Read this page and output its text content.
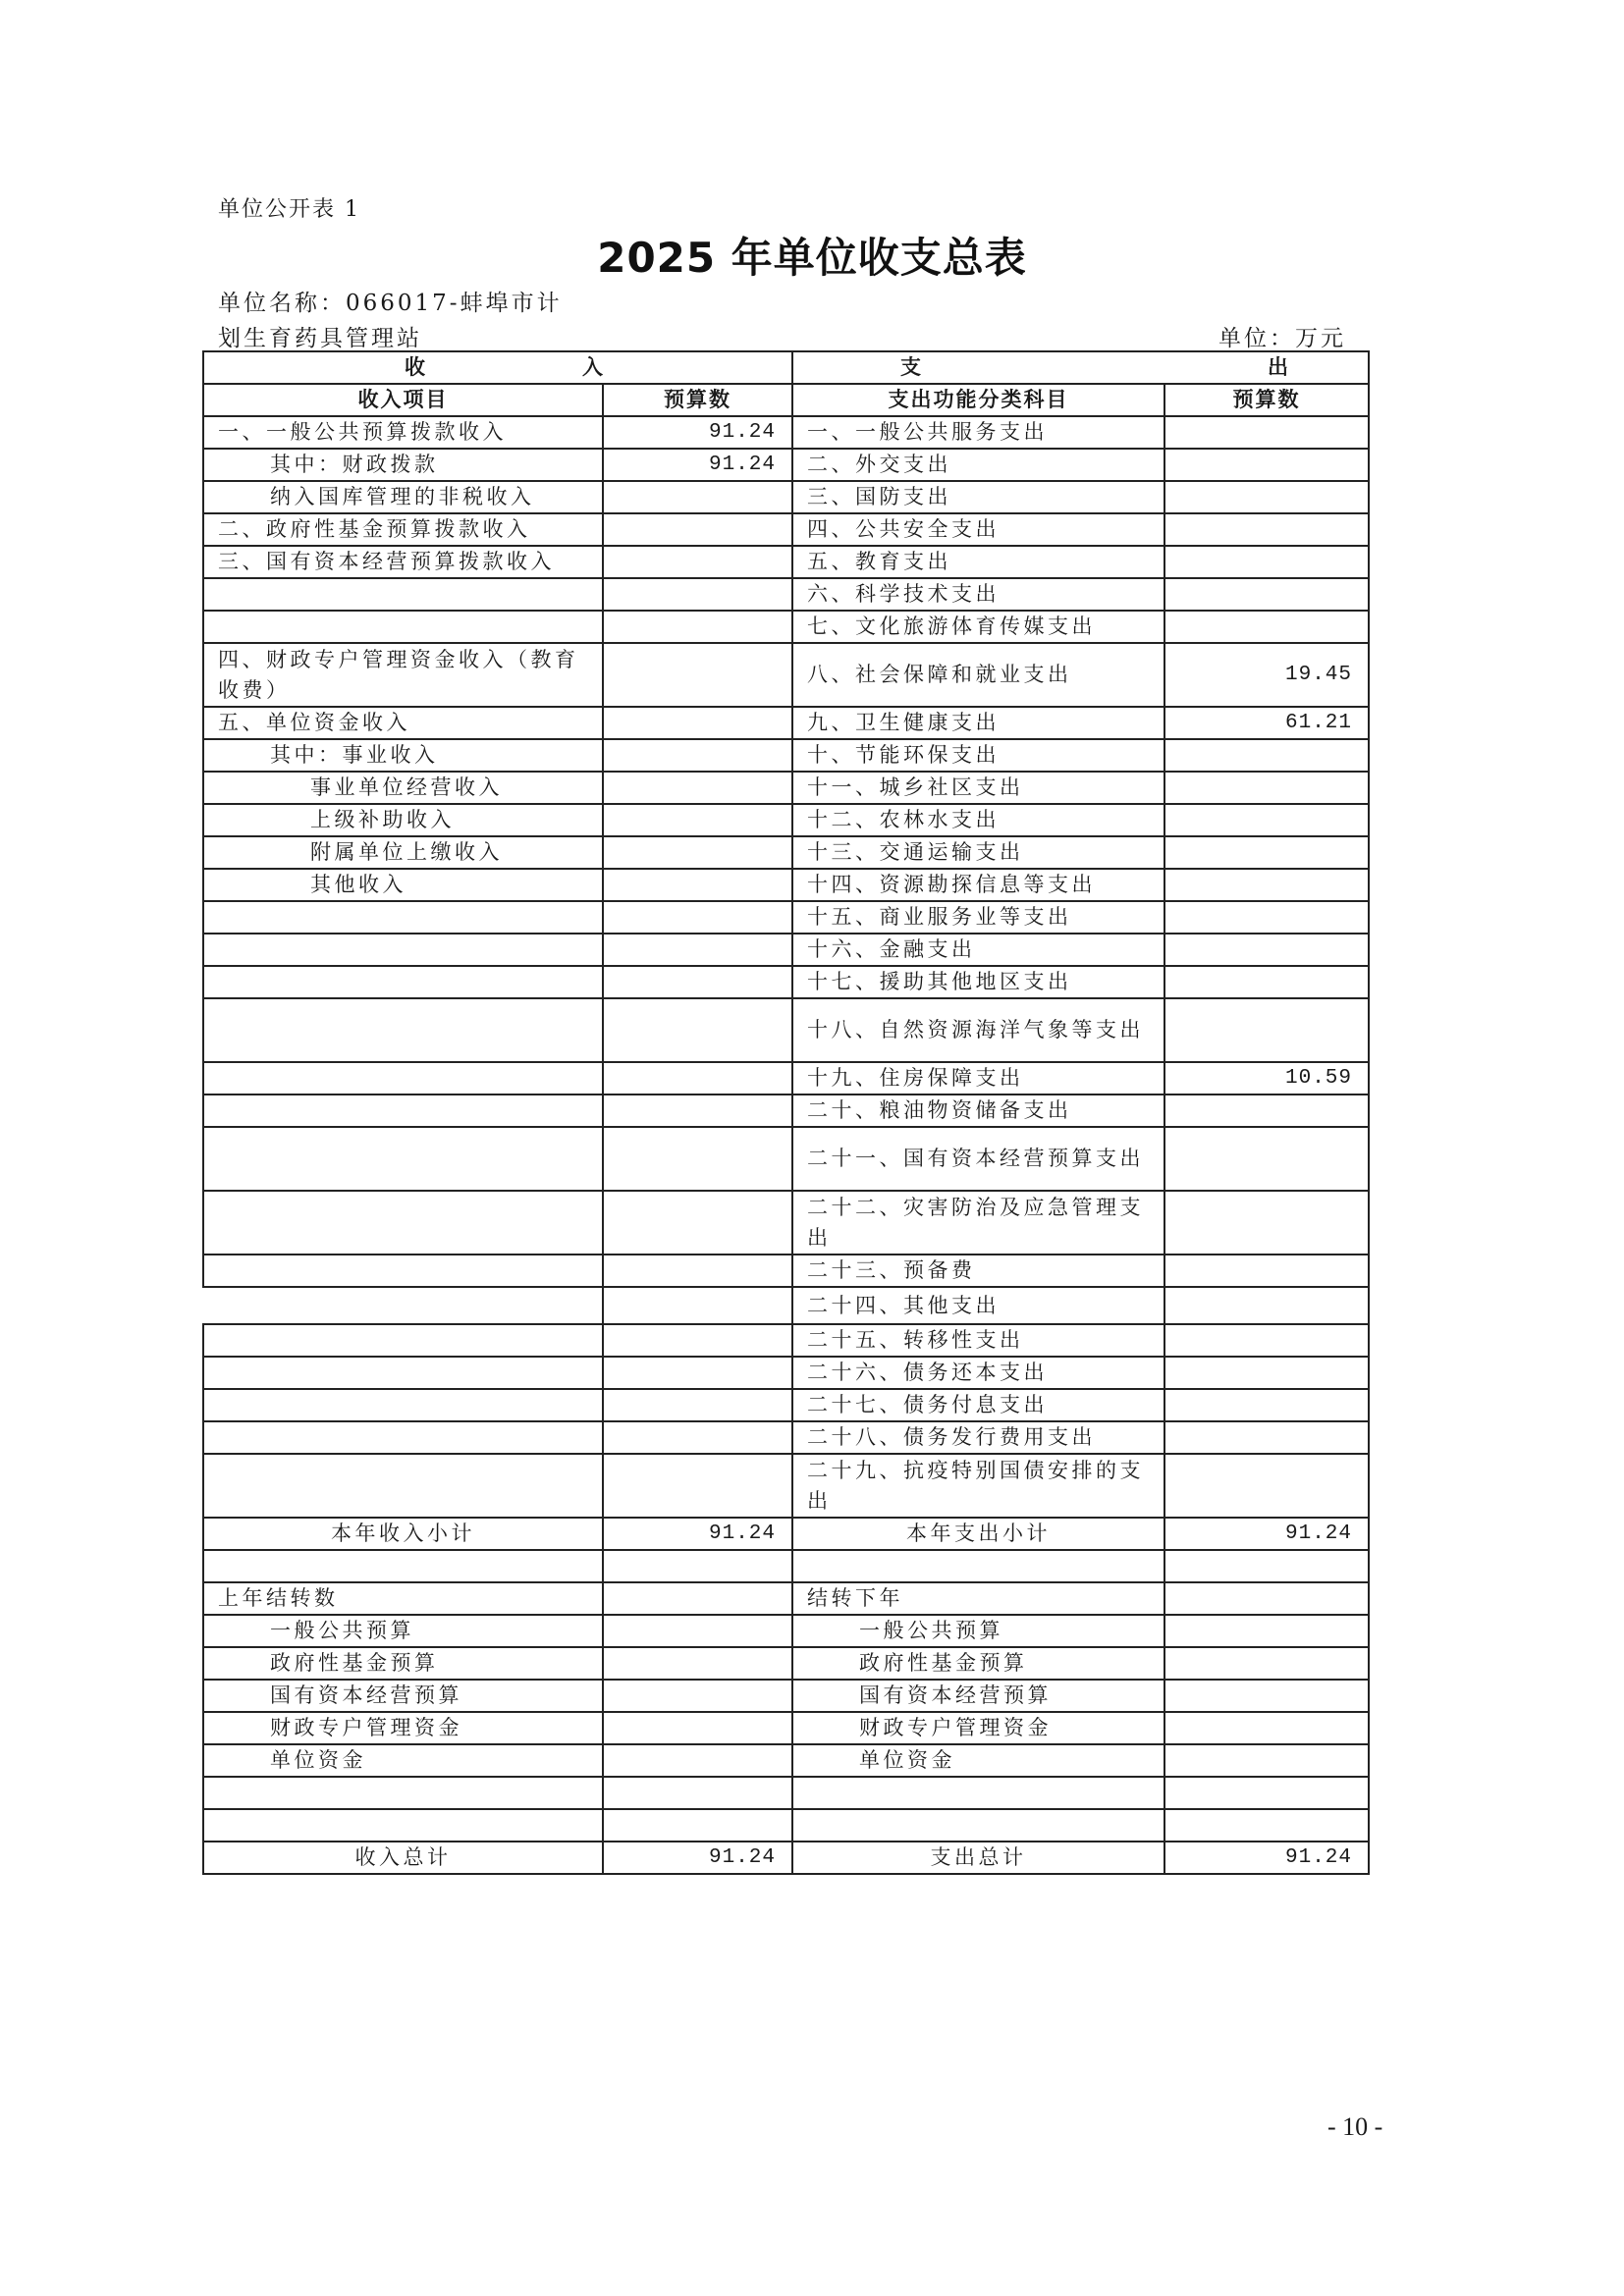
单位公开表 1
2025 年单位收支总表
单位名称：066017-蚌埠市计
划生育药具管理站	单位：万元
收 入		支 出	

收入项目	预算数	支出功能分类科目	预算数
一、一般公共预算拨款收入	91.24	一、一般公共服务支出	
其中：财政拨款	91.24	二、外交支出	
纳入国库管理的非税收入		三、国防支出	
二、政府性基金预算拨款收入		四、公共安全支出	
三、国有资本经营预算拨款收入		五、教育支出	
		六、科学技术支出	
		七、文化旅游体育传媒支出	
四、财政专户管理资金收入（教育收费）		八、社会保障和就业支出	19.45
五、单位资金收入		九、卫生健康支出	61.21
其中：事业收入		十、节能环保支出	
事业单位经营收入		十一、城乡社区支出	
上级补助收入		十二、农林水支出	
附属单位上缴收入		十三、交通运输支出	
其他收入		十四、资源勘探信息等支出	
		十五、商业服务业等支出	
		十六、金融支出	
		十七、援助其他地区支出	
		十八、自然资源海洋气象等支出	
		十九、住房保障支出	10.59
		二十、粮油物资储备支出	
		二十一、国有资本经营预算支出	
		二十二、灾害防治及应急管理支出	
		二十三、预备费	
		二十四、其他支出	
		二十五、转移性支出	
		二十六、债务还本支出	
		二十七、债务付息支出	
		二十八、债务发行费用支出	
		二十九、抗疫特别国债安排的支出	
本年收入小计	91.24	本年支出小计	91.24

上年结转数		结转下年	
一般公共预算		一般公共预算	
政府性基金预算		政府性基金预算	
国有资本经营预算		国有资本经营预算	
财政专户管理资金		财政专户管理资金	
单位资金		单位资金	

收入总计	91.24	支出总计	91.24
- 10 -
